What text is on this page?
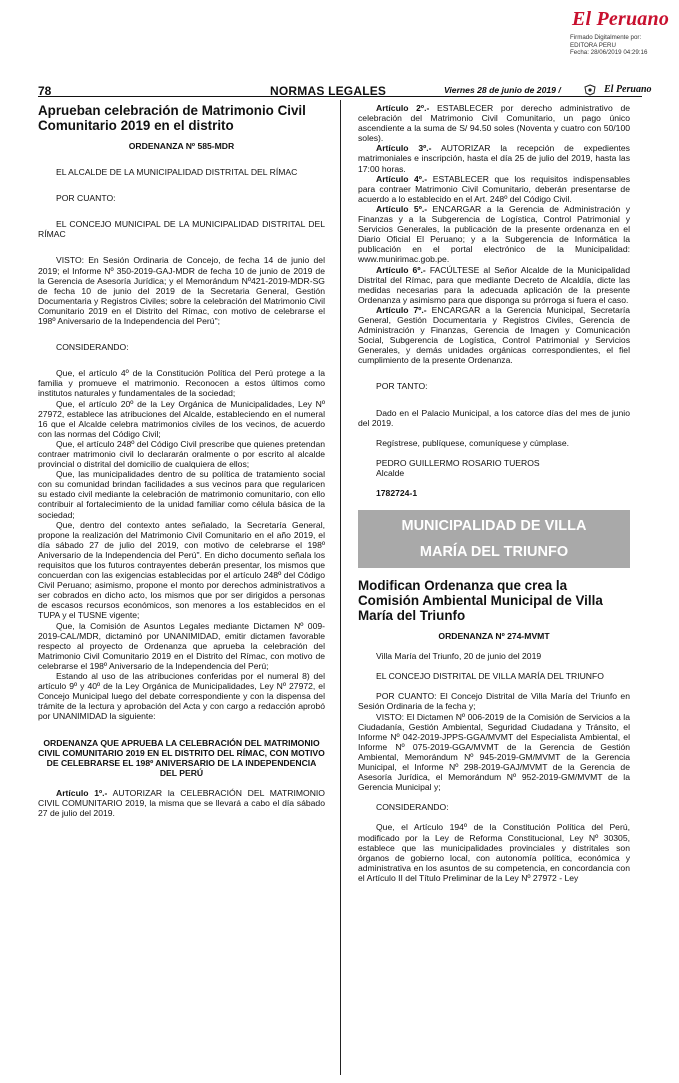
El Peruano
Firmado Digitalmente por:
EDITORA PERU
Fecha: 28/06/2019 04:29:16
78	NORMAS LEGALES	Viernes 28 de junio de 2019 /	El Peruano

Aprueban celebración de Matrimonio Civil Comunitario 2019 en el distrito

ORDENANZA Nº 585-MDR

EL ALCALDE DE LA MUNICIPALIDAD DISTRITAL DEL RÍMAC

POR CUANTO:

EL CONCEJO MUNICIPAL DE LA MUNICIPALIDAD DISTRITAL DEL RÍMAC

VISTO: En Sesión Ordinaria de Concejo, de fecha 14 de junio del 2019; el Informe Nº 350-2019-GAJ-MDR de fecha 10 de junio de 2019 de la Gerencia de Asesoría Jurídica; y el Memorándum Nº421-2019-MDR-SG de fecha 10 de junio del 2019 de la Secretaria General, Gestión Documentaria y Registros Civiles; sobre la celebración del Matrimonio Civil Comunitario 2019 en el Distrito del Rímac, con motivo de celebrarse el 198º Aniversario de la Independencia del Perú";

CONSIDERANDO:

Que, el artículo 4º de la Constitución Política del Perú protege a la familia y promueve el matrimonio. Reconocen a estos últimos como institutos naturales y fundamentales de la sociedad;

Que, el artículo 20º de la Ley Orgánica de Municipalidades, Ley Nº 27972, establece las atribuciones del Alcalde, estableciendo en el numeral 16 que el Alcalde celebra matrimonios civiles de los vecinos, de acuerdo con las normas del Código Civil;

Que, el artículo 248º del Código Civil prescribe que quienes pretendan contraer matrimonio civil lo declararán oralmente o por escrito al alcalde provincial o distrital del domicilio de cualquiera de ellos;

Que, las municipalidades dentro de su política de tratamiento social con su comunidad brindan facilidades a sus vecinos para que regularicen su estado civil mediante la celebración de matrimonio comunitario, con ello contribuir al fortalecimiento de la unidad familiar como célula básica de la sociedad;

Que, dentro del contexto antes señalado, la Secretaría General, propone la realización del Matrimonio Civil Comunitario en el año 2019, el día sábado 27 de julio del 2019, con motivo de celebrarse el 198º Aniversario de la Independencia del Perú". En dicho documento señala los requisitos que los futuros contrayentes deberán presentar, los mismos que concuerdan con las exigencias establecidas por el artículo 248º del Código Civil Peruano; asimismo, propone el monto por derechos administrativos a ser cobrados en dicho acto, los mismos que por ser dirigidos a personas de escasos recursos económicos, son menores a los establecidos en el TUPA y el TUSNE vigente;

Que, la Comisión de Asuntos Legales mediante Dictamen Nº 009-2019-CAL/MDR, dictaminó por UNANIMIDAD, emitir dictamen favorable respecto al proyecto de Ordenanza que aprueba la celebración del Matrimonio Civil Comunitario 2019 en el Distrito del Rímac, con motivo de celebrarse el 198º Aniversario de la Independencia del Perú;

Estando al uso de las atribuciones conferidas por el numeral 8) del artículo 9º y 40º de la Ley Orgánica de Municipalidades, Ley Nº 27972, el Concejo Municipal luego del debate correspondiente y con la dispensa del trámite de la lectura y aprobación del Acta y con cargo a redacción aprobó por UNANIMIDAD la siguiente:

ORDENANZA QUE APRUEBA LA CELEBRACIÓN DEL MATRIMONIO CIVIL COMUNITARIO 2019 EN EL DISTRITO DEL RÍMAC, CON MOTIVO DE CELEBRARSE EL 198º ANIVERSARIO DE LA INDEPENDENCIA DEL PERÚ

Artículo 1º.- AUTORIZAR la CELEBRACIÓN DEL MATRIMONIO CIVIL COMUNITARIO 2019, la misma que se llevará a cabo el día sábado 27 de julio del 2019.

Artículo 2º.- ESTABLECER por derecho administrativo de celebración del Matrimonio Civil Comunitario, un pago único ascendiente a la suma de S/ 94.50 soles (Noventa y cuatro con 50/100 soles).

Artículo 3º.- AUTORIZAR la recepción de expedientes matrimoniales e inscripción, hasta el día 25 de julio del 2019, hasta las 17:00 horas.

Artículo 4º.- ESTABLECER que los requisitos indispensables para contraer Matrimonio Civil Comunitario, deberán presentarse de acuerdo a lo establecido en el Art. 248º del Código Civil.

Artículo 5º.- ENCARGAR a la Gerencia de Administración y Finanzas y a la Subgerencia de Logística, Control Patrimonial y Servicios Generales, la publicación de la presente ordenanza en el Diario Oficial El Peruano; y a la Subgerencia de Informática la publicación en el portal electrónico de la Municipalidad: www.munirimac.gob.pe.

Artículo 6º.- FACÚLTESE al Señor Alcalde de la Municipalidad Distrital del Rímac, para que mediante Decreto de Alcaldía, dicte las medidas necesarias para la adecuada aplicación de la presente Ordenanza y asimismo para que disponga su prórroga si fuera el caso.

Artículo 7º.- ENCARGAR a la Gerencia Municipal, Secretaría General, Gestión Documentaria y Registros Civiles, Gerencia de Administración y Finanzas, Gerencia de Imagen y Comunicación Social, Subgerencia de Logística, Control Patrimonial y Servicios Generales, y demás unidades orgánicas correspondientes, el fiel cumplimiento de la presente Ordenanza.

POR TANTO:

Dado en el Palacio Municipal, a los catorce días del mes de junio del 2019.

Regístrese, publíquese, comuníquese y cúmplase.

PEDRO GUILLERMO ROSARIO TUEROS

Alcalde

1782724-1

MUNICIPALIDAD DE VILLA
MARÍA DEL TRIUNFO

Modifican Ordenanza que crea la Comisión Ambiental Municipal de Villa María del Triunfo

ORDENANZA Nº 274-MVMT

Villa María del Triunfo, 20 de junio del 2019

EL CONCEJO DISTRITAL DE VILLA MARÍA DEL TRIUNFO

POR CUANTO: El Concejo Distrital de Villa María del Triunfo en Sesión Ordinaria de la fecha y;

VISTO: El Dictamen Nº 006-2019 de la Comisión de Servicios a la Ciudadanía, Gestión Ambiental, Seguridad Ciudadana y Tránsito, el Informe Nº 042-2019-JPPS-GGA/MVMT del Especialista Ambiental, el Informe Nº 075-2019-GGA/MVMT de la Gerencia de Gestión Ambiental, Memorándum Nº 945-2019-GM/MVMT de la Gerencia Municipal, el Informe Nº 298-2019-GAJ/MVMT de la Gerencia de Asesoría Jurídica, el Memorándum Nº 952-2019-GM/MVMT de la Gerencia Municipal y;

CONSIDERANDO:

Que, el Artículo 194º de la Constitución Política del Perú, modificado por la Ley de Reforma Constitucional, Ley Nº 30305, establece que las municipalidades provinciales y distritales son órganos de gobierno local, con autonomía política, económica y administrativa en los asuntos de su competencia, en concordancia con el Artículo II del Título Preliminar de la Ley Nº 27972 - Ley
